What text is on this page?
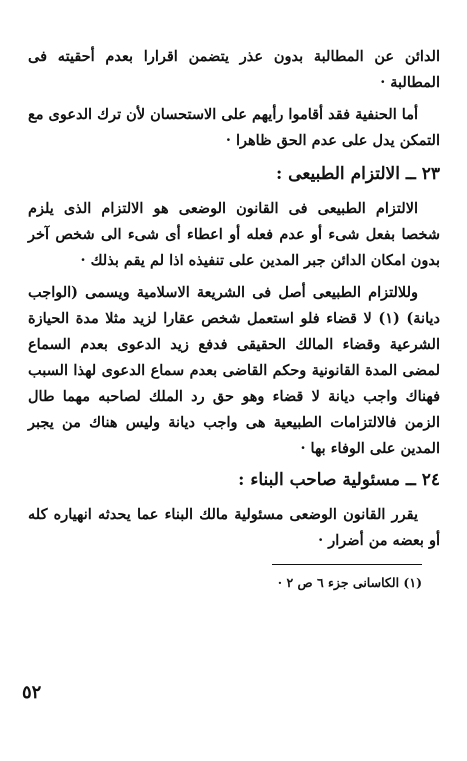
الدائن عن المطالبة بدون عذر يتضمن اقرارا بعدم أحقيته فى المطالبة ·

أما الحنفية فقد أقاموا رأيهم على الاستحسان لأن ترك الدعوى مع التمكن يدل على عدم الحق ظاهرا ·

٢٣ ــ الالتزام الطبيعى :

الالتزام الطبيعى فى القانون الوضعى هو الالتزام الذى يلزم شخصا بفعل شىء أو عدم فعله أو اعطاء أى شىء الى شخص آخر بدون امكان الدائن جبر المدين على تنفيذه اذا لم يقم بذلك ·

وللالتزام الطبيعى أصل فى الشريعة الاسلامية ويسمى (الواجب ديانة) (١) لا قضاء فلو استعمل شخص عقارا لزيد مثلا مدة الحيازة الشرعية وقضاء المالك الحقيقى فدفع زيد الدعوى بعدم السماع لمضى المدة القانونية وحكم القاضى بعدم سماع الدعوى لهذا السبب فهناك واجب ديانة لا قضاء وهو حق رد الملك لصاحبه مهما طال الزمن فالالتزامات الطبيعية هى واجب ديانة وليس هناك من يجبر المدين على الوفاء بها ·

٢٤ ــ مسئولية صاحب البناء :

يقرر القانون الوضعى مسئولية مالك البناء عما يحدثه انهياره كله أو بعضه من أضرار ·

(١) الكاسانى جزء ٦ ص ٢ ·
٥٢
